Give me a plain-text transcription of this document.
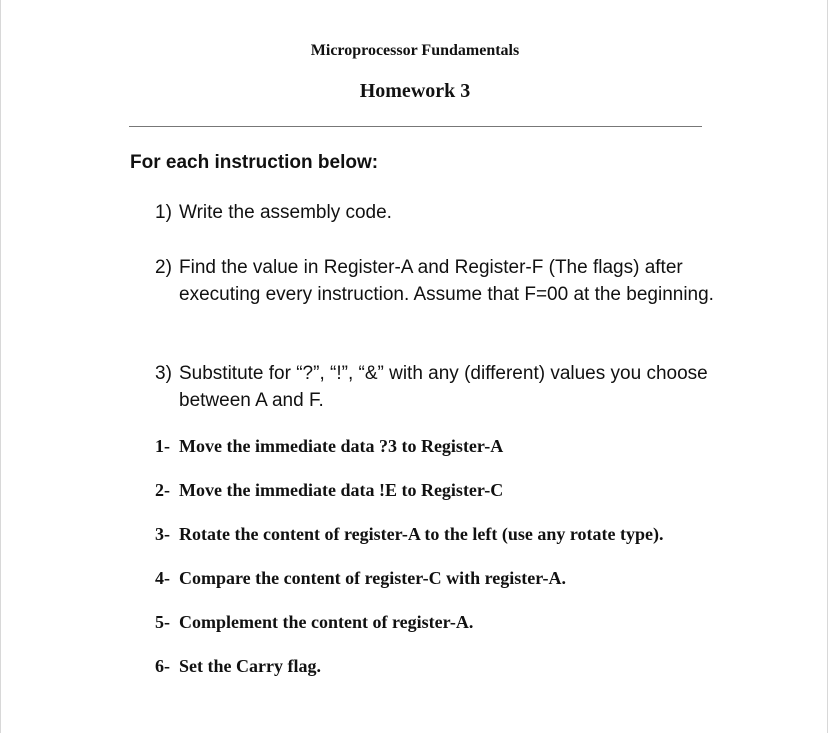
Microprocessor Fundamentals
Homework 3
For each instruction below:
1) Write the assembly code.
2) Find the value in Register-A and Register-F (The flags) after executing every instruction. Assume that F=00 at the beginning.
3) Substitute for “?”, “!”, “&” with any (different) values you choose between A and F.
1- Move the immediate data ?3 to Register-A
2- Move the immediate data !E to Register-C
3- Rotate the content of register-A to the left (use any rotate type).
4- Compare the content of register-C with register-A.
5- Complement the content of register-A.
6- Set the Carry flag.
